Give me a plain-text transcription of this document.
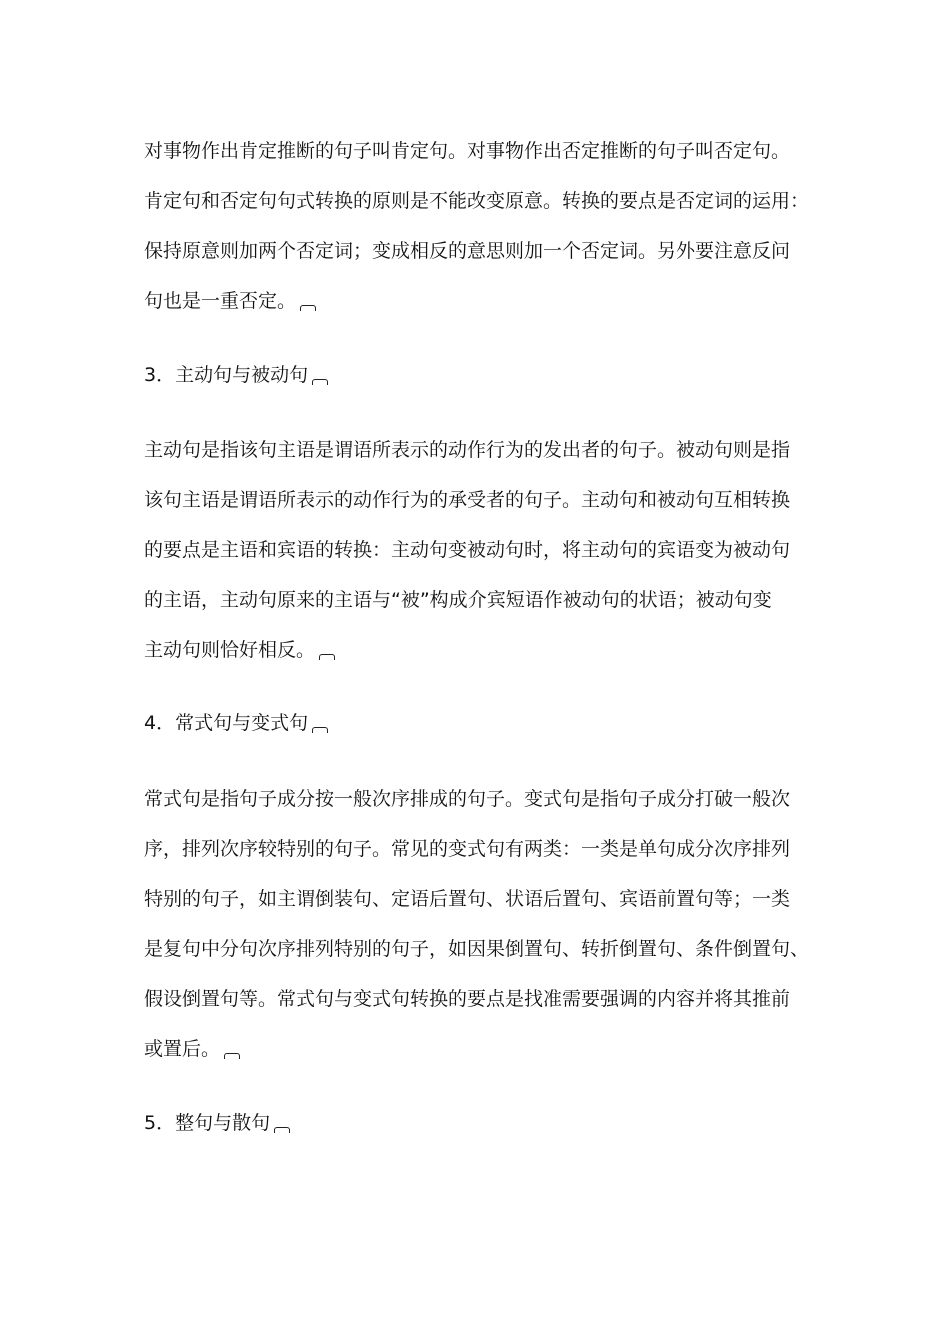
对事物作出肯定推断的句子叫肯定句。对事物作出否定推断的句子叫否定句。
肯定句和否定句句式转换的原则是不能改变原意。转换的要点是否定词的运用：
保持原意则加两个否定词；变成相反的意思则加一个否定词。另外要注意反问
句也是一重否定。
3．主动句与被动句
主动句是指该句主语是谓语所表示的动作行为的发出者的句子。被动句则是指
该句主语是谓语所表示的动作行为的承受者的句子。主动句和被动句互相转换
的要点是主语和宾语的转换：主动句变被动句时，将主动句的宾语变为被动句
的主语，主动句原来的主语与“被”构成介宾短语作被动句的状语；被动句变
主动句则恰好相反。
4．常式句与变式句
常式句是指句子成分按一般次序排成的句子。变式句是指句子成分打破一般次
序，排列次序较特别的句子。常见的变式句有两类：一类是单句成分次序排列
特别的句子，如主谓倒装句、定语后置句、状语后置句、宾语前置句等；一类
是复句中分句次序排列特别的句子，如因果倒置句、转折倒置句、条件倒置句、
假设倒置句等。常式句与变式句转换的要点是找准需要强调的内容并将其推前
或置后。
5．整句与散句
